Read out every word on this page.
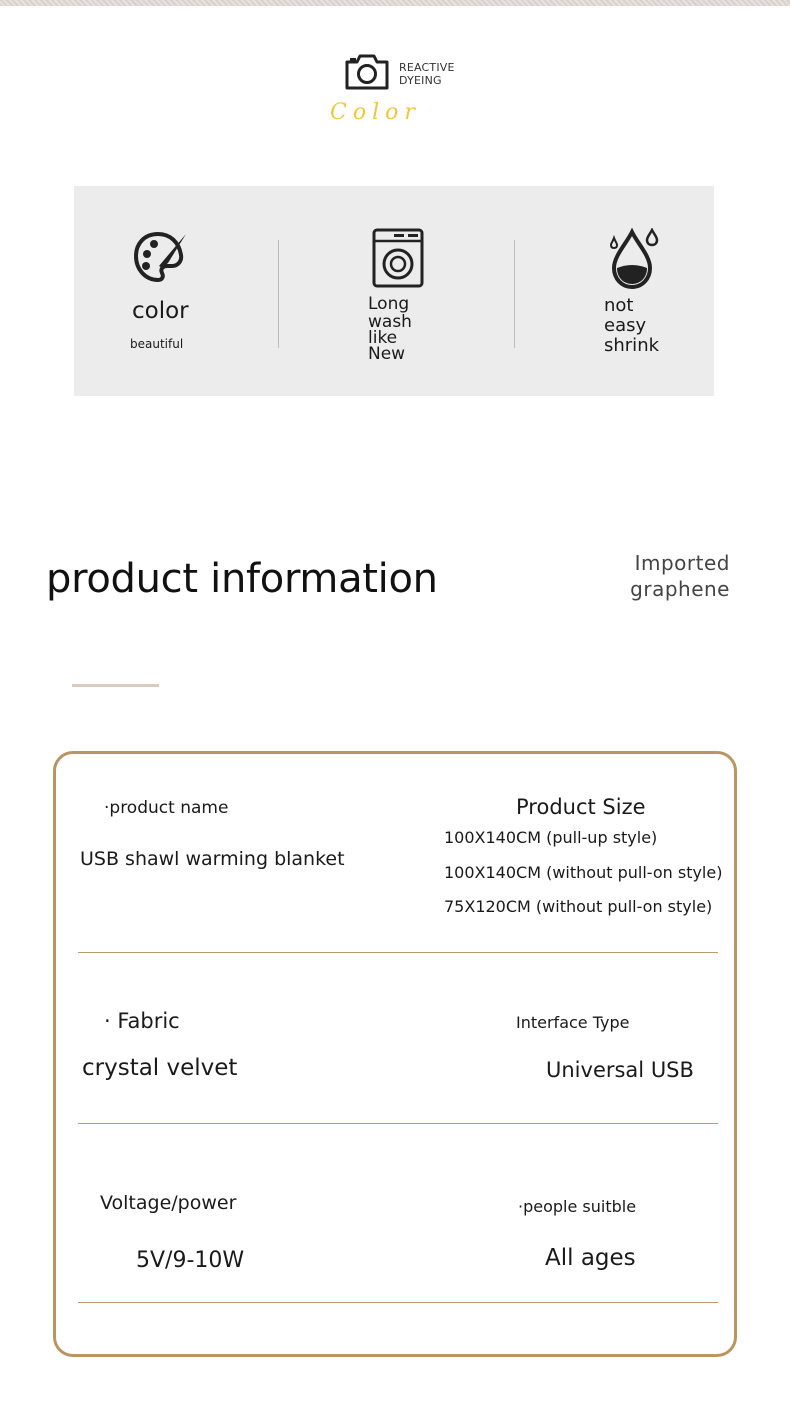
REACTIVE
DYEING
Color
color
beautiful
Long
wash
like
New
not
easy
shrink
product information	Imported
graphene
·product name
USB shawl warming blanket
Product Size
100X140CM (pull-up style)
100X140CM (without pull-on style)
75X120CM (without pull-on style)
· Fabric
crystal velvet
Interface Type
Universal USB
Voltage/power
5V/9-10W
·people suitble
All ages
